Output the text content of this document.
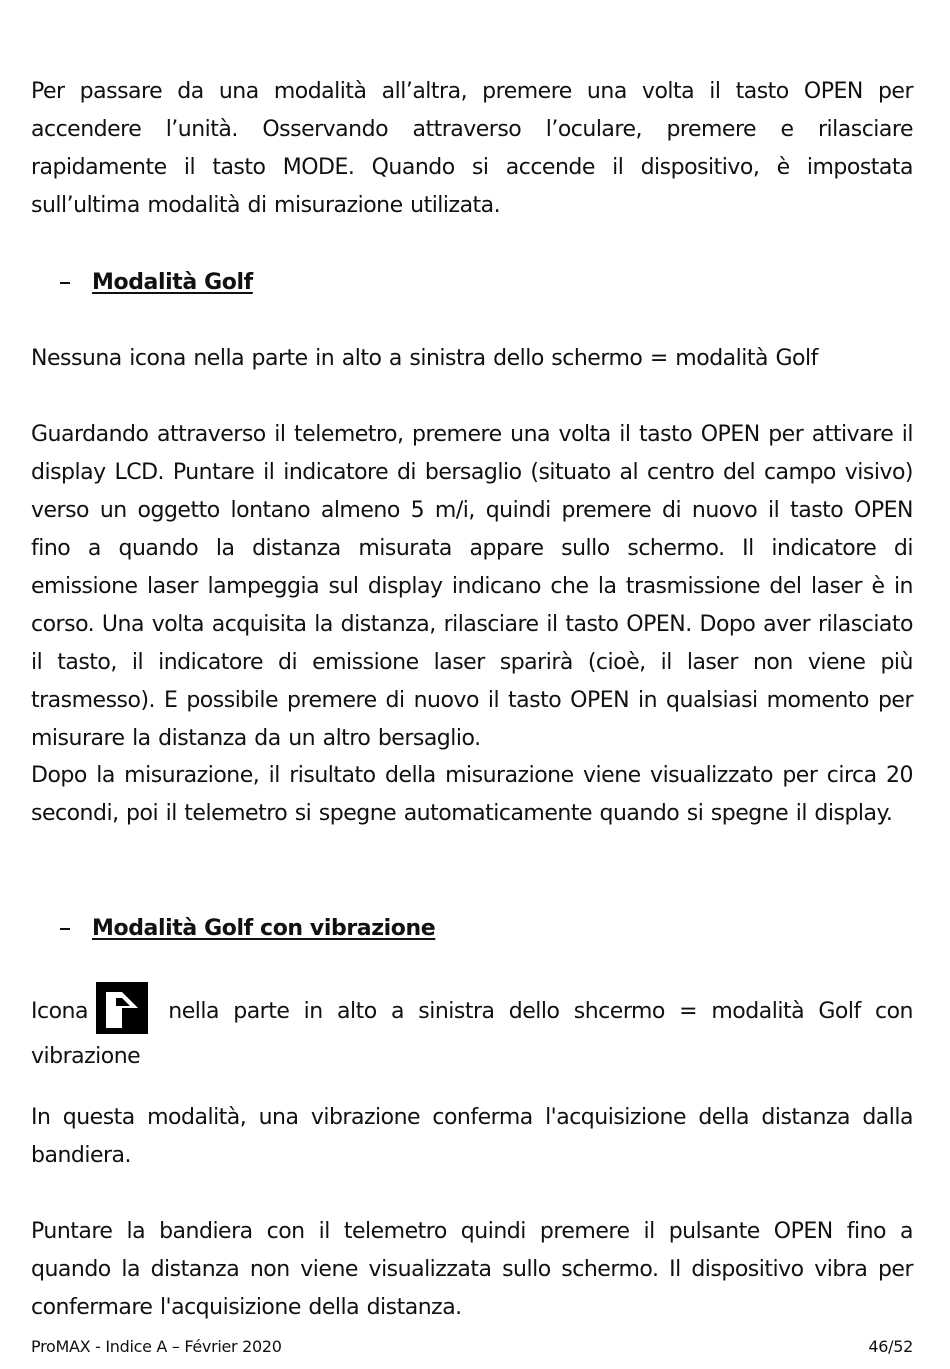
Per passare da una modalità all’altra, premere una volta il tasto OPEN per accendere l’unità. Osservando attraverso l’oculare, premere e rilasciare rapidamente il tasto MODE. Quando si accende il dispositivo, è impostata sull’ultima modalità di misurazione utilizata.

Modalità Golf

Nessuna icona nella parte in alto a sinistra dello schermo = modalità Golf

Guardando attraverso il telemetro, premere una volta il tasto OPEN per attivare il display LCD. Puntare il indicatore di bersaglio (situato al centro del campo visivo) verso un oggetto lontano almeno 5 m/i, quindi premere di nuovo il tasto OPEN fino a quando la distanza misurata appare sullo schermo. Il indicatore di emissione laser lampeggia sul display indicano che la trasmissione del laser è in corso. Una volta acquisita la distanza, rilasciare il tasto OPEN. Dopo aver rilasciato il tasto, il indicatore di emissione laser sparirà (cioè, il laser non viene più trasmesso). E possibile premere di nuovo il tasto OPEN in qualsiasi momento per misurare la distanza da un altro bersaglio.

Dopo la misurazione, il risultato della misurazione viene visualizzato per circa 20 secondi, poi il telemetro si spegne automaticamente quando si spegne il display.

Modalità Golf con vibrazione

Icona	nella parte in alto a sinistra dello shcermo = modalità Golf con vibrazione

In questa modalità, una vibrazione conferma l'acquisizione della distanza dalla bandiera.

Puntare la bandiera con il telemetro quindi premere il pulsante OPEN fino a quando la distanza non viene visualizzata sullo schermo. Il dispositivo vibra per confermare l'acquisizione della distanza.

ProMAX - Indice A – Février 2020	46/52
